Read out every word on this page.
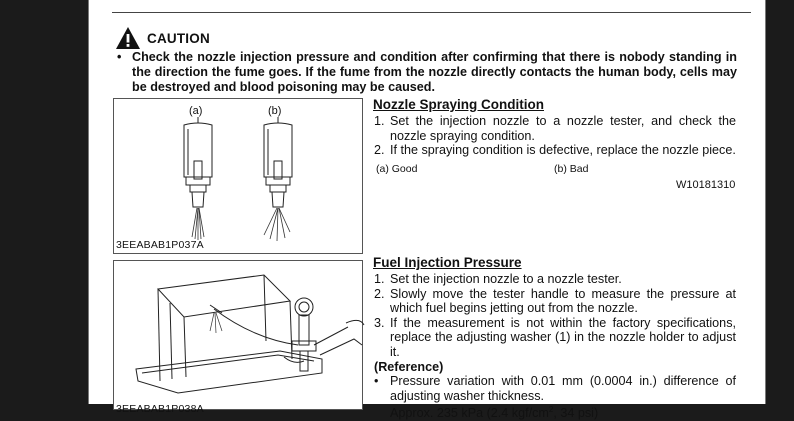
CAUTION
• Check the nozzle injection pressure and condition after confirming that there is nobody standing in the direction the fume goes. If the fume from the nozzle directly contacts the human body, cells may be destroyed and blood poisoning may be caused.
(a)	(b)
3EEABAB1P037A
Nozzle Spraying Condition
1. Set the injection nozzle to a nozzle tester, and check the nozzle spraying condition.
2. If the spraying condition is defective, replace the nozzle piece.
(a) Good	(b) Bad
W10181310
3EEABAB1P038A
Fuel Injection Pressure
1. Set the injection nozzle to a nozzle tester.
2. Slowly move the tester handle to measure the pressure at which fuel begins jetting out from the nozzle.
3. If the measurement is not within the factory specifications, replace the adjusting washer (1) in the nozzle holder to adjust it.
(Reference)
• Pressure variation with 0.01 mm (0.0004 in.) difference of adjusting washer thickness.
Approx. 235 kPa (2.4 kgf/$cm^2$, 34 psi)
